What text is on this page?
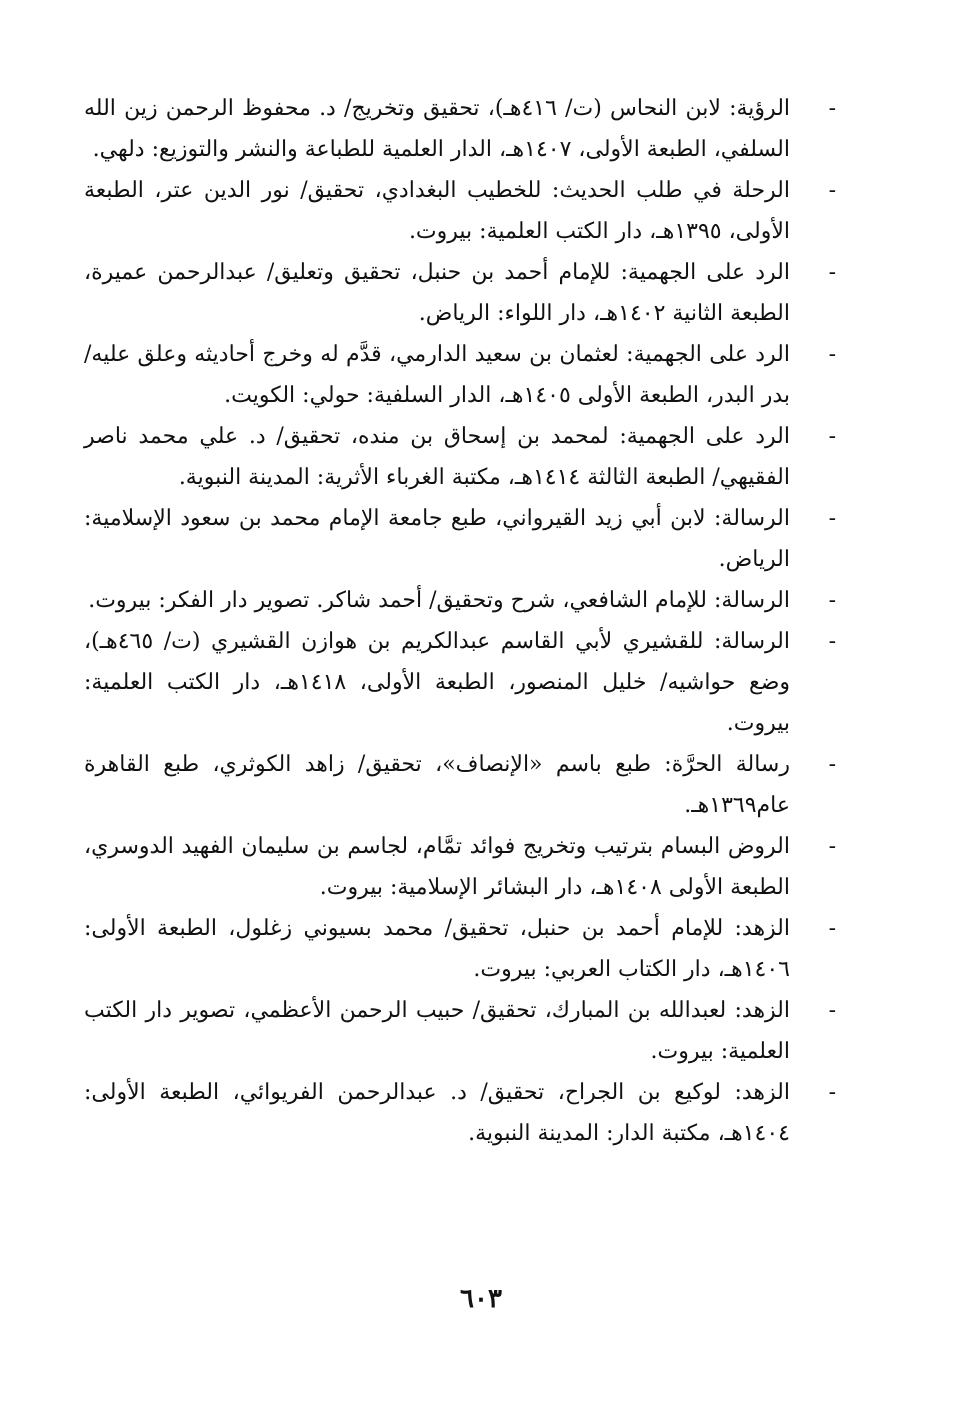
-
الرؤية: لابن النحاس (ت/ ٤١٦هـ)، تحقيق وتخريج/ د. محفوظ الرحمن زين الله السلفي، الطبعة الأولى، ١٤٠٧هـ، الدار العلمية للطباعة والنشر والتوزيع: دلهي.
-
الرحلة في طلب الحديث: للخطيب البغدادي، تحقيق/ نور الدين عتر، الطبعة الأولى، ١٣٩٥هـ، دار الكتب العلمية: بيروت.
-
الرد على الجهمية: للإمام أحمد بن حنبل، تحقيق وتعليق/ عبدالرحمن عميرة، الطبعة الثانية ١٤٠٢هـ، دار اللواء: الرياض.
-
الرد على الجهمية: لعثمان بن سعيد الدارمي، قدَّم له وخرج أحاديثه وعلق عليه/ بدر البدر، الطبعة الأولى ١٤٠٥هـ، الدار السلفية: حولي: الكويت.
-
الرد على الجهمية: لمحمد بن إسحاق بن منده، تحقيق/ د. علي محمد ناصر الفقيهي/ الطبعة الثالثة ١٤١٤هـ، مكتبة الغرباء الأثرية: المدينة النبوية.
-
الرسالة: لابن أبي زيد القيرواني، طبع جامعة الإمام محمد بن سعود الإسلامية: الرياض.
-
الرسالة: للإمام الشافعي، شرح وتحقيق/ أحمد شاكر. تصوير دار الفكر: بيروت.
-
الرسالة: للقشيري لأبي القاسم عبدالكريم بن هوازن القشيري (ت/ ٤٦٥هـ)، وضع حواشيه/ خليل المنصور، الطبعة الأولى، ١٤١٨هـ، دار الكتب العلمية: بيروت.
-
رسالة الحرَّة: طبع باسم «الإنصاف»، تحقيق/ زاهد الكوثري، طبع القاهرة عام١٣٦٩هـ.
-
الروض البسام بترتيب وتخريج فوائد تمَّام، لجاسم بن سليمان الفهيد الدوسري، الطبعة الأولى ١٤٠٨هـ، دار البشائر الإسلامية: بيروت.
-
الزهد: للإمام أحمد بن حنبل، تحقيق/ محمد بسيوني زغلول، الطبعة الأولى: ١٤٠٦هـ، دار الكتاب العربي: بيروت.
-
الزهد: لعبدالله بن المبارك، تحقيق/ حبيب الرحمن الأعظمي، تصوير دار الكتب العلمية: بيروت.
-
الزهد: لوكيع بن الجراح، تحقيق/ د. عبدالرحمن الفريوائي، الطبعة الأولى: ١٤٠٤هـ، مكتبة الدار: المدينة النبوية.
٦٠٣
